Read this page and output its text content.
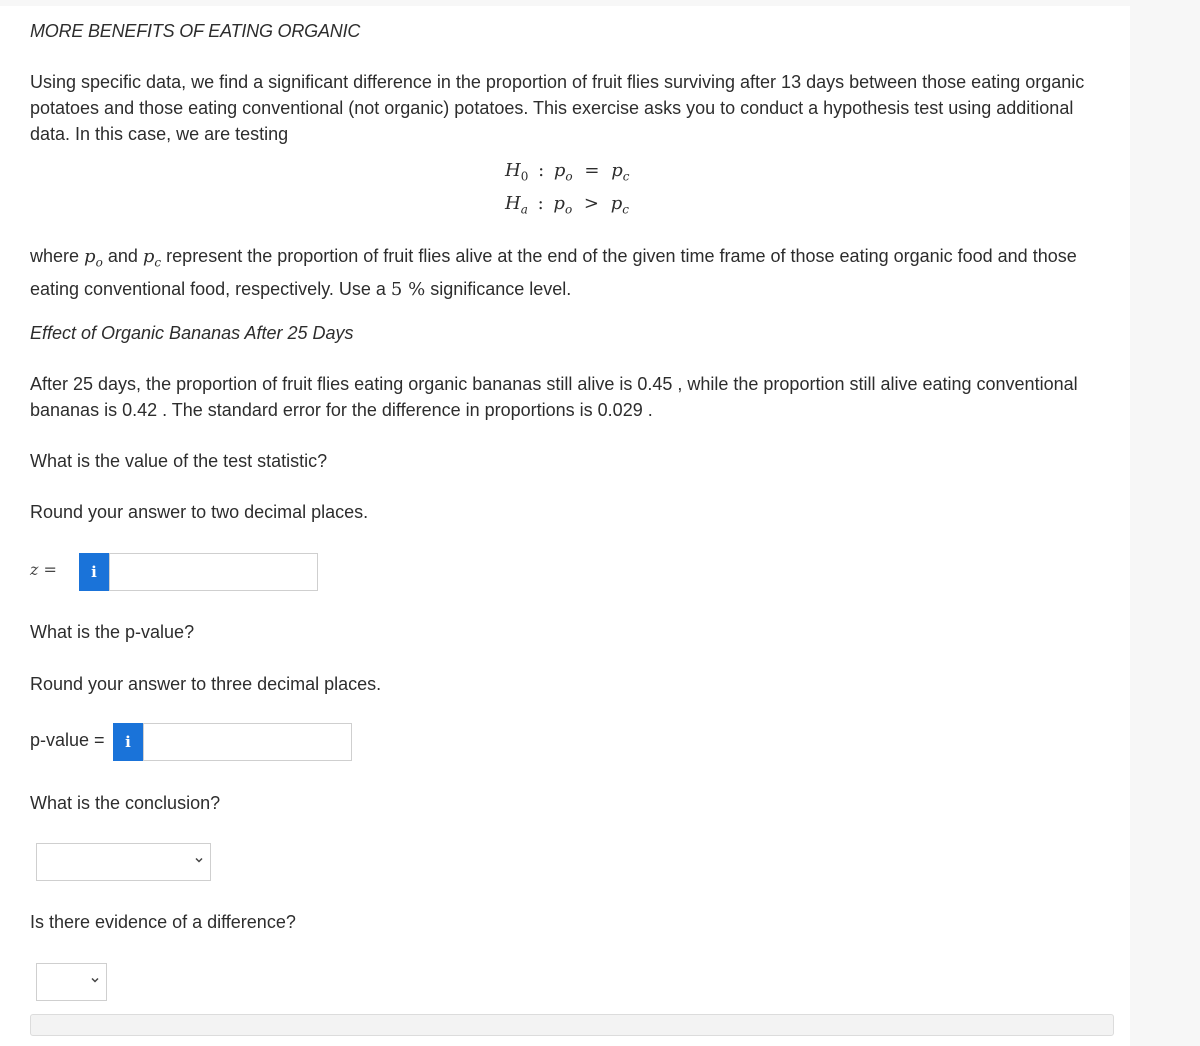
MORE BENEFITS OF EATING ORGANIC
Using specific data, we find a significant difference in the proportion of fruit flies surviving after 13 days between those eating organic
potatoes and those eating conventional (not organic) potatoes. This exercise asks you to conduct a hypothesis test using additional
data. In this case, we are testing
$H_0$ : $p_o = p_c$
$H_a$ : $p_o > p_c$
where $p_o$ and $p_c$ represent the proportion of fruit flies alive at the end of the given time frame of those eating organic food and those
eating conventional food, respectively. Use a 5 % significance level.
Effect of Organic Bananas After 25 Days
After 25 days, the proportion of fruit flies eating organic bananas still alive is 0.45 , while the proportion still alive eating conventional
bananas is 0.42 . The standard error for the difference in proportions is 0.029 .
What is the value of the test statistic?
Round your answer to two decimal places.
z =	i
What is the p-value?
Round your answer to three decimal places.
p-value =	i
What is the conclusion?
Is there evidence of a difference?
